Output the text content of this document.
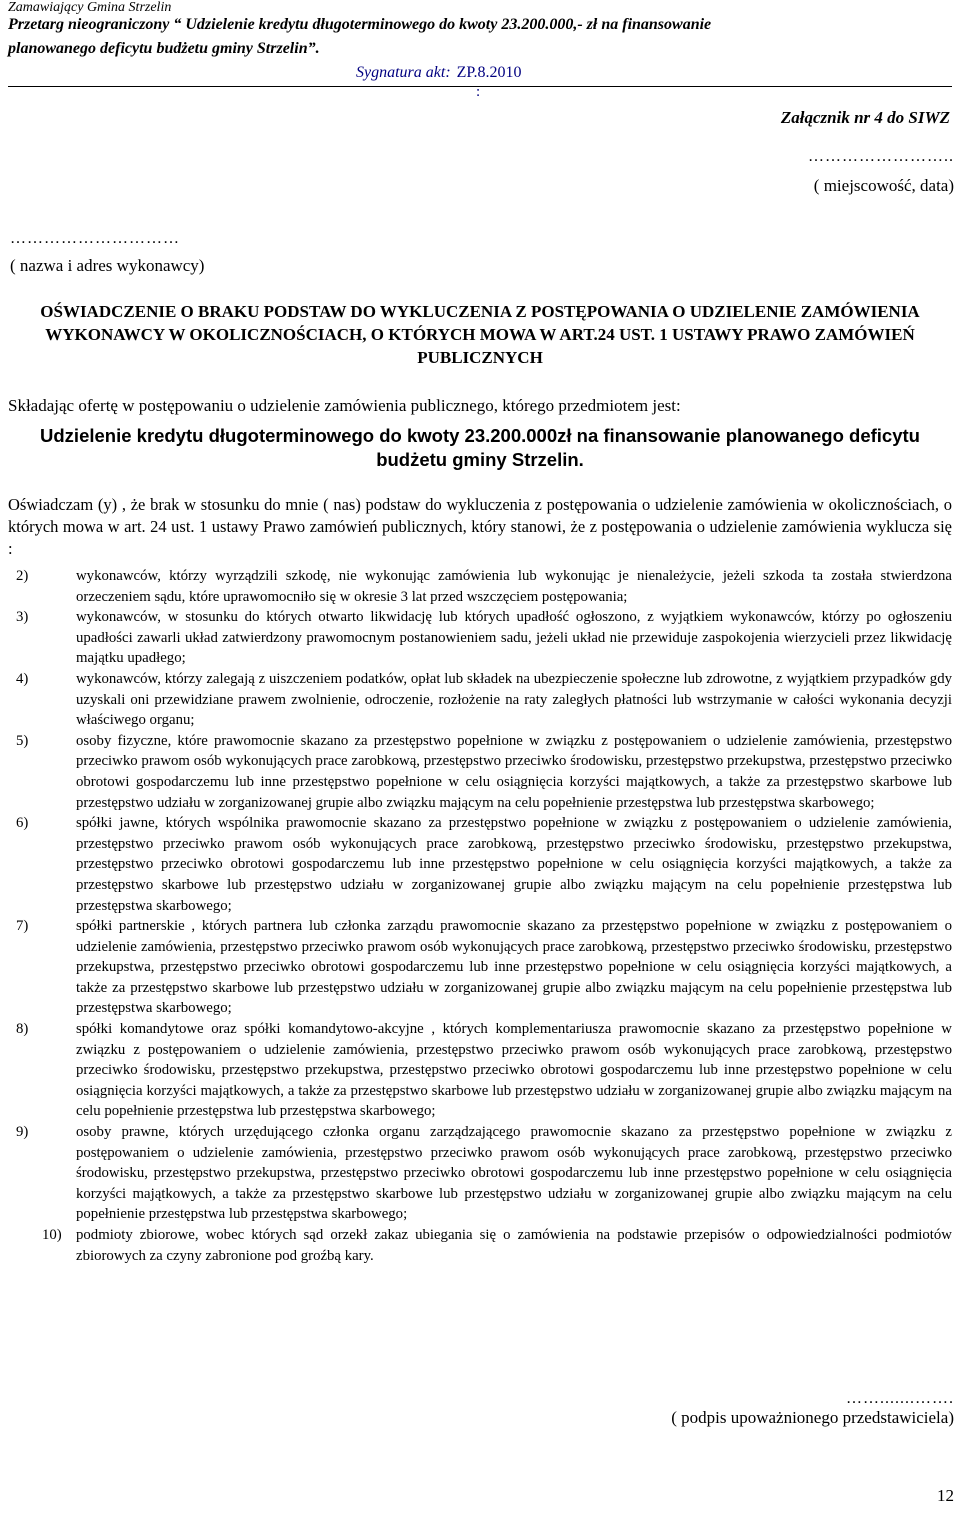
Zamawiający Gmina Strzelin
Przetarg nieograniczony “ Udzielenie kredytu długoterminowego do kwoty 23.200.000,- zł na finansowanie
planowanego deficytu budżetu gminy Strzelin”.
Sygnatura akt: ZP.8.2010
:
Załącznik nr 4 do SIWZ
……………………..
( miejscowość, data)
…………………………
( nazwa i adres wykonawcy)
OŚWIADCZENIE O BRAKU PODSTAW DO WYKLUCZENIA Z POSTĘPOWANIA O UDZIELENIE ZAMÓWIENIA WYKONAWCY W OKOLICZNOŚCIACH, O KTÓRYCH MOWA W ART.24 UST. 1 USTAWY PRAWO ZAMÓWIEŃ PUBLICZNYCH
Składając ofertę w postępowaniu o udzielenie zamówienia publicznego, którego przedmiotem jest:
Udzielenie kredytu długoterminowego do kwoty 23.200.000zł na finansowanie planowanego deficytu budżetu gminy Strzelin.
Oświadczam (y) , że brak w stosunku do mnie ( nas) podstaw do wykluczenia z postępowania o udzielenie zamówienia w okolicznościach, o których mowa w art. 24 ust. 1 ustawy Prawo zamówień publicznych, który stanowi, że z postępowania o udzielenie zamówienia wyklucza się :
2)	wykonawców, którzy wyrządzili szkodę, nie wykonując zamówienia lub wykonując je nienależycie, jeżeli szkoda ta została stwierdzona orzeczeniem sądu, które uprawomocniło się w okresie 3 lat przed wszczęciem postępowania;
3)	wykonawców, w stosunku do których otwarto likwidację lub których upadłość ogłoszono, z wyjątkiem wykonawców, którzy po ogłoszeniu upadłości zawarli układ zatwierdzony prawomocnym postanowieniem sadu, jeżeli układ nie przewiduje zaspokojenia wierzycieli przez likwidację majątku upadłego;
4)	wykonawców, którzy zalegają z uiszczeniem podatków, opłat lub składek na ubezpieczenie społeczne lub zdrowotne, z wyjątkiem przypadków gdy uzyskali oni przewidziane prawem zwolnienie, odroczenie, rozłożenie na raty zaległych płatności lub wstrzymanie w całości wykonania decyzji właściwego organu;
5)	osoby fizyczne, które prawomocnie skazano za przestępstwo popełnione w związku z postępowaniem o udzielenie zamówienia, przestępstwo przeciwko prawom osób wykonujących prace zarobkową, przestępstwo przeciwko środowisku, przestępstwo przekupstwa, przestępstwo przeciwko obrotowi gospodarczemu lub inne przestępstwo popełnione w celu osiągnięcia korzyści majątkowych, a także za przestępstwo skarbowe lub przestępstwo udziału w zorganizowanej grupie albo związku mającym na celu popełnienie przestępstwa lub przestępstwa skarbowego;
6)	spółki jawne, których wspólnika prawomocnie skazano za przestępstwo popełnione w związku z postępowaniem o udzielenie zamówienia, przestępstwo przeciwko prawom osób wykonujących prace zarobkową, przestępstwo przeciwko środowisku, przestępstwo przekupstwa, przestępstwo przeciwko obrotowi gospodarczemu lub inne przestępstwo popełnione w celu osiągnięcia korzyści majątkowych, a także za przestępstwo skarbowe lub przestępstwo udziału w zorganizowanej grupie albo związku mającym na celu popełnienie przestępstwa lub przestępstwa skarbowego;
7)	spółki partnerskie , których partnera lub członka zarządu prawomocnie skazano za przestępstwo popełnione w związku z postępowaniem o udzielenie zamówienia, przestępstwo przeciwko prawom osób wykonujących prace zarobkową, przestępstwo przeciwko środowisku, przestępstwo przekupstwa, przestępstwo przeciwko obrotowi gospodarczemu lub inne przestępstwo popełnione w celu osiągnięcia korzyści majątkowych, a także za przestępstwo skarbowe lub przestępstwo udziału w zorganizowanej grupie albo związku mającym na celu popełnienie przestępstwa lub przestępstwa skarbowego;
8)	spółki komandytowe oraz spółki komandytowo-akcyjne , których komplementariusza prawomocnie skazano za przestępstwo popełnione w związku z postępowaniem o udzielenie zamówienia, przestępstwo przeciwko prawom osób wykonujących prace zarobkową, przestępstwo przeciwko środowisku, przestępstwo przekupstwa, przestępstwo przeciwko obrotowi gospodarczemu lub inne przestępstwo popełnione w celu osiągnięcia korzyści majątkowych, a także za przestępstwo skarbowe lub przestępstwo udziału w zorganizowanej grupie albo związku mającym na celu popełnienie przestępstwa lub przestępstwa skarbowego;
9)	osoby prawne, których urzędującego członka organu zarządzającego prawomocnie skazano za przestępstwo popełnione w związku z postępowaniem o udzielenie zamówienia, przestępstwo przeciwko prawom osób wykonujących prace zarobkową, przestępstwo przeciwko środowisku, przestępstwo przekupstwa, przestępstwo przeciwko obrotowi gospodarczemu lub inne przestępstwo popełnione w celu osiągnięcia korzyści majątkowych, a także za przestępstwo skarbowe lub przestępstwo udziału w zorganizowanej grupie albo związku mającym na celu popełnienie przestępstwa lub przestępstwa skarbowego;
10) podmioty zbiorowe, wobec których sąd orzekł zakaz ubiegania się o zamówienia na podstawie przepisów o odpowiedzialności podmiotów zbiorowych za czyny zabronione pod groźbą kary.
…….......…….
( podpis upoważnionego przedstawiciela)
12
